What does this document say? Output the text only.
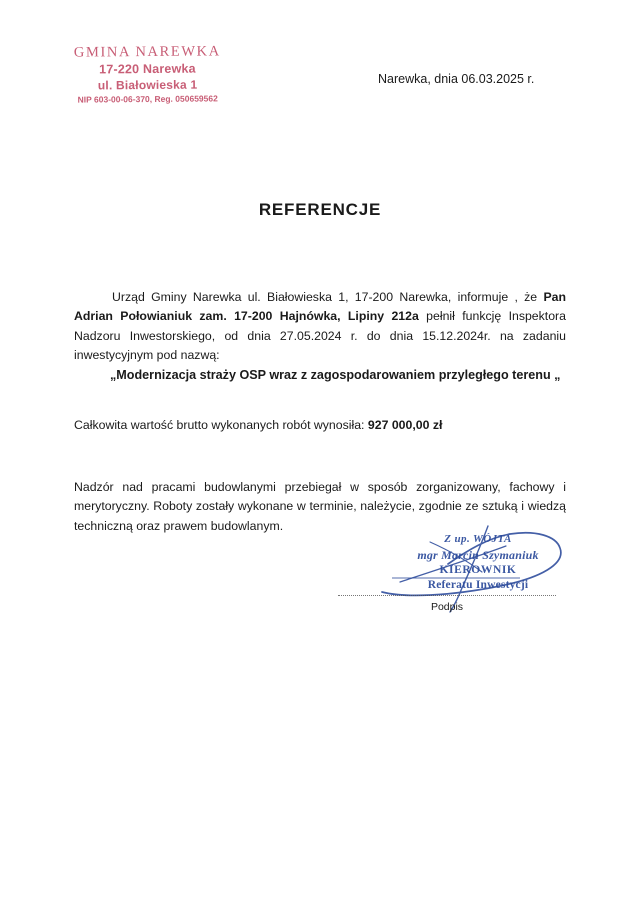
GMINA NAREWKA
17-220 Narewka
ul. Białowieska 1
NIP 603-00-06-370, Reg. 050659562
Narewka, dnia 06.03.2025 r.
REFERENCJE

Urząd Gminy Narewka ul. Białowieska 1, 17-200 Narewka, informuje , że Pan Adrian Połowianiuk zam. 17-200 Hajnówka, Lipiny 212a pełnił funkcję Inspektora Nadzoru Inwestorskiego, od dnia 27.05.2024 r. do dnia 15.12.2024r. na zadaniu inwestycyjnym pod nazwą:

„Modernizacja straży OSP wraz z zagospodarowaniem przyległego terenu „
Całkowita wartość brutto wykonanych robót wynosiła: 927 000,00 zł

Nadzór nad pracami budowlanymi przebiegał w sposób zorganizowany, fachowy i merytoryczny. Roboty zostały wykonane w terminie, należycie, zgodnie ze sztuką i wiedzą techniczną oraz prawem budowlanym.

Z up. WÓJTA
mgr Marcin Szymaniuk
KIEROWNIK
Referatu Inwestycji
Podpis
